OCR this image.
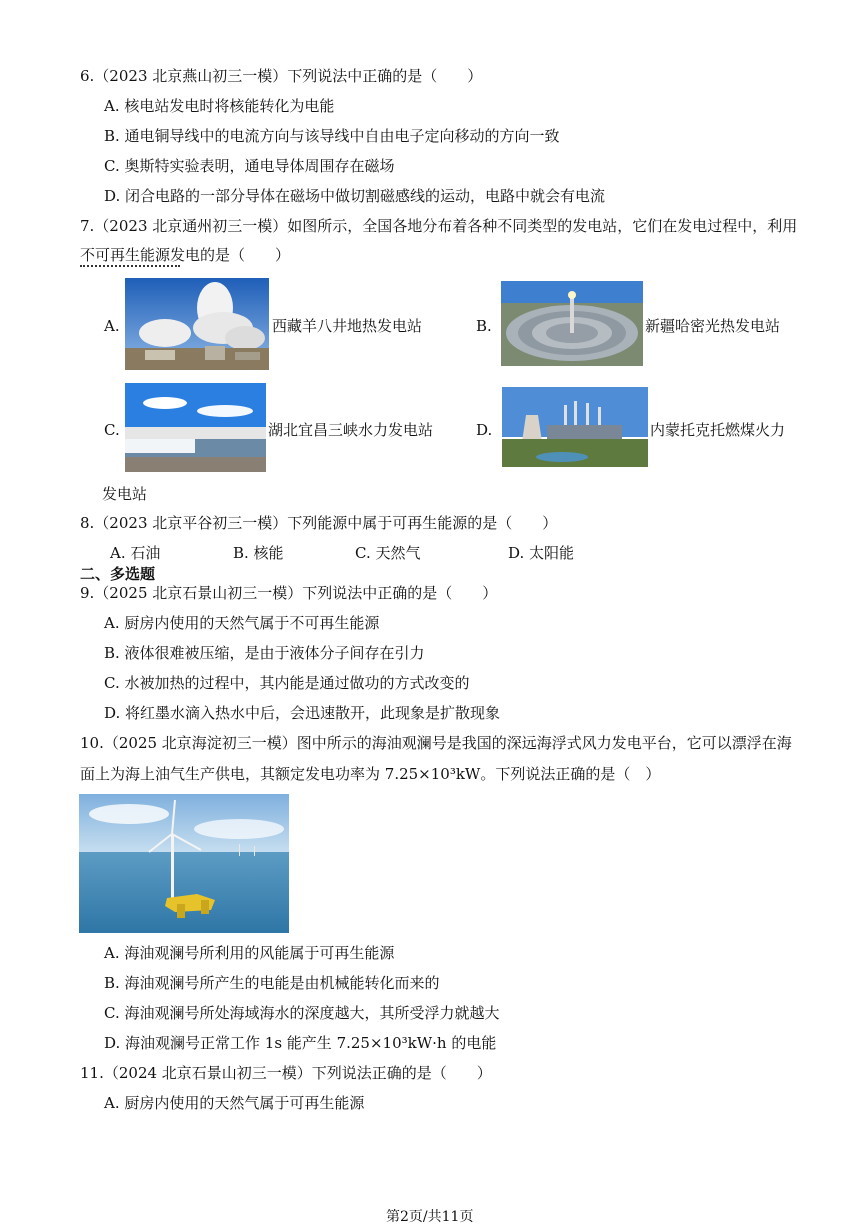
6.（2023 北京燕山初三一模）下列说法中正确的是（　　）
A. 核电站发电时将核能转化为电能
B. 通电铜导线中的电流方向与该导线中自由电子定向移动的方向一致
C. 奥斯特实验表明，通电导体周围存在磁场
D. 闭合电路的一部分导体在磁场中做切割磁感线的运动，电路中就会有电流
7.（2023 北京通州初三一模）如图所示，全国各地分布着各种不同类型的发电站，它们在发电过程中，利用
不可再生能源发电的是（　　）
A.	西藏羊八井地热发电站	B.	新疆哈密光热发电站
C.	湖北宜昌三峡水力发电站	D.	内蒙托克托燃煤火力
发电站
8.（2023 北京平谷初三一模）下列能源中属于可再生能源的是（　　）
A. 石油	B. 核能	C. 天然气	D. 太阳能
二、多选题
9.（2025 北京石景山初三一模）下列说法中正确的是（　　）
A. 厨房内使用的天然气属于不可再生能源
B. 液体很难被压缩，是由于液体分子间存在引力
C. 水被加热的过程中，其内能是通过做功的方式改变的
D. 将红墨水滴入热水中后，会迅速散开，此现象是扩散现象
10.（2025 北京海淀初三一模）图中所示的海油观澜号是我国的深远海浮式风力发电平台，它可以漂浮在海
面上为海上油气生产供电，其额定发电功率为 7.25×10³kW。下列说法正确的是（　）
A. 海油观澜号所利用的风能属于可再生能源
B. 海油观澜号所产生的电能是由机械能转化而来的
C. 海油观澜号所处海域海水的深度越大，其所受浮力就越大
D. 海油观澜号正常工作 1s 能产生 7.25×10³kW·h 的电能
11.（2024 北京石景山初三一模）下列说法正确的是（　　）
A. 厨房内使用的天然气属于可再生能源
第2页/共11页
